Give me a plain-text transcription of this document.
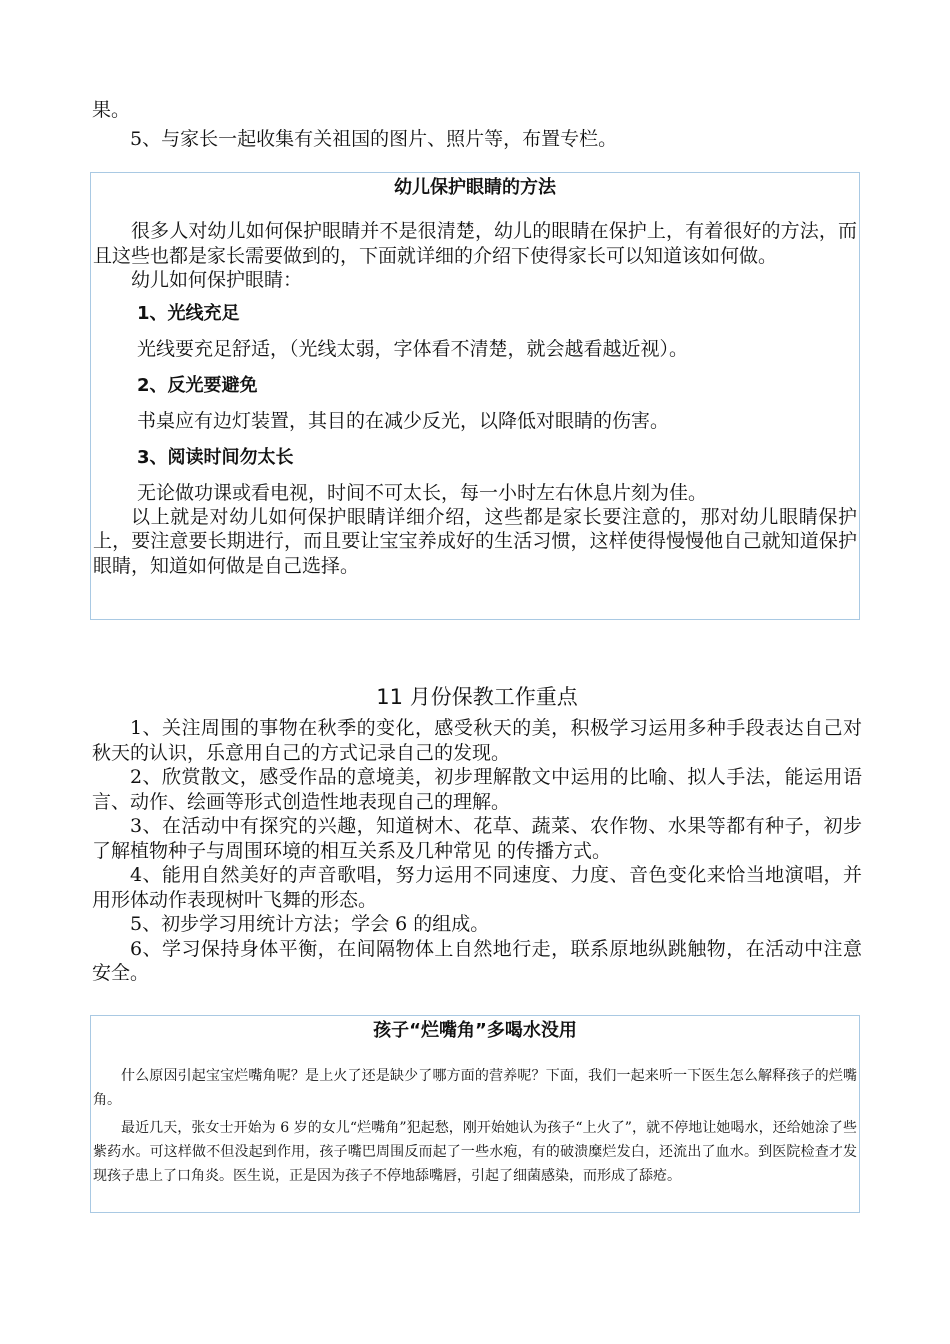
果。

5、与家长一起收集有关祖国的图片、照片等，布置专栏。

幼儿保护眼睛的方法

很多人对幼儿如何保护眼睛并不是很清楚，幼儿的眼睛在保护上，有着很好的方法，而且这些也都是家长需要做到的，下面就详细的介绍下使得家长可以知道该如何做。

幼儿如何保护眼睛：

1、光线充足

光线要充足舒适，（光线太弱，字体看不清楚，就会越看越近视）。

2、反光要避免

书桌应有边灯装置，其目的在减少反光，以降低对眼睛的伤害。

3、阅读时间勿太长

无论做功课或看电视，时间不可太长，每一小时左右休息片刻为佳。

以上就是对幼儿如何保护眼睛详细介绍，这些都是家长要注意的，那对幼儿眼睛保护上，要注意要长期进行，而且要让宝宝养成好的生活习惯，这样使得慢慢他自己就知道保护眼睛，知道如何做是自己选择。

11 月份保教工作重点

1、关注周围的事物在秋季的变化，感受秋天的美，积极学习运用多种手段表达自己对秋天的认识，乐意用自己的方式记录自己的发现。

2、欣赏散文，感受作品的意境美，初步理解散文中运用的比喻、拟人手法，能运用语言、动作、绘画等形式创造性地表现自己的理解。

3、在活动中有探究的兴趣，知道树木、花草、蔬菜、农作物、水果等都有种子，初步了解植物种子与周围环境的相互关系及几种常见 的传播方式。

4、能用自然美好的声音歌唱，努力运用不同速度、力度、音色变化来恰当地演唱，并用形体动作表现树叶飞舞的形态。

5、初步学习用统计方法；学会 6 的组成。

6、学习保持身体平衡，在间隔物体上自然地行走，联系原地纵跳触物，在活动中注意安全。

孩子“烂嘴角”多喝水没用

什么原因引起宝宝烂嘴角呢？是上火了还是缺少了哪方面的营养呢？下面，我们一起来听一下医生怎么解释孩子的烂嘴角。

最近几天，张女士开始为 6 岁的女儿“烂嘴角”犯起愁，刚开始她认为孩子“上火了”，就不停地让她喝水，还给她涂了些紫药水。可这样做不但没起到作用，孩子嘴巴周围反而起了一些水疱，有的破溃糜烂发白，还流出了血水。到医院检查才发现孩子患上了口角炎。医生说，正是因为孩子不停地舔嘴唇，引起了细菌感染，而形成了舔疮。
